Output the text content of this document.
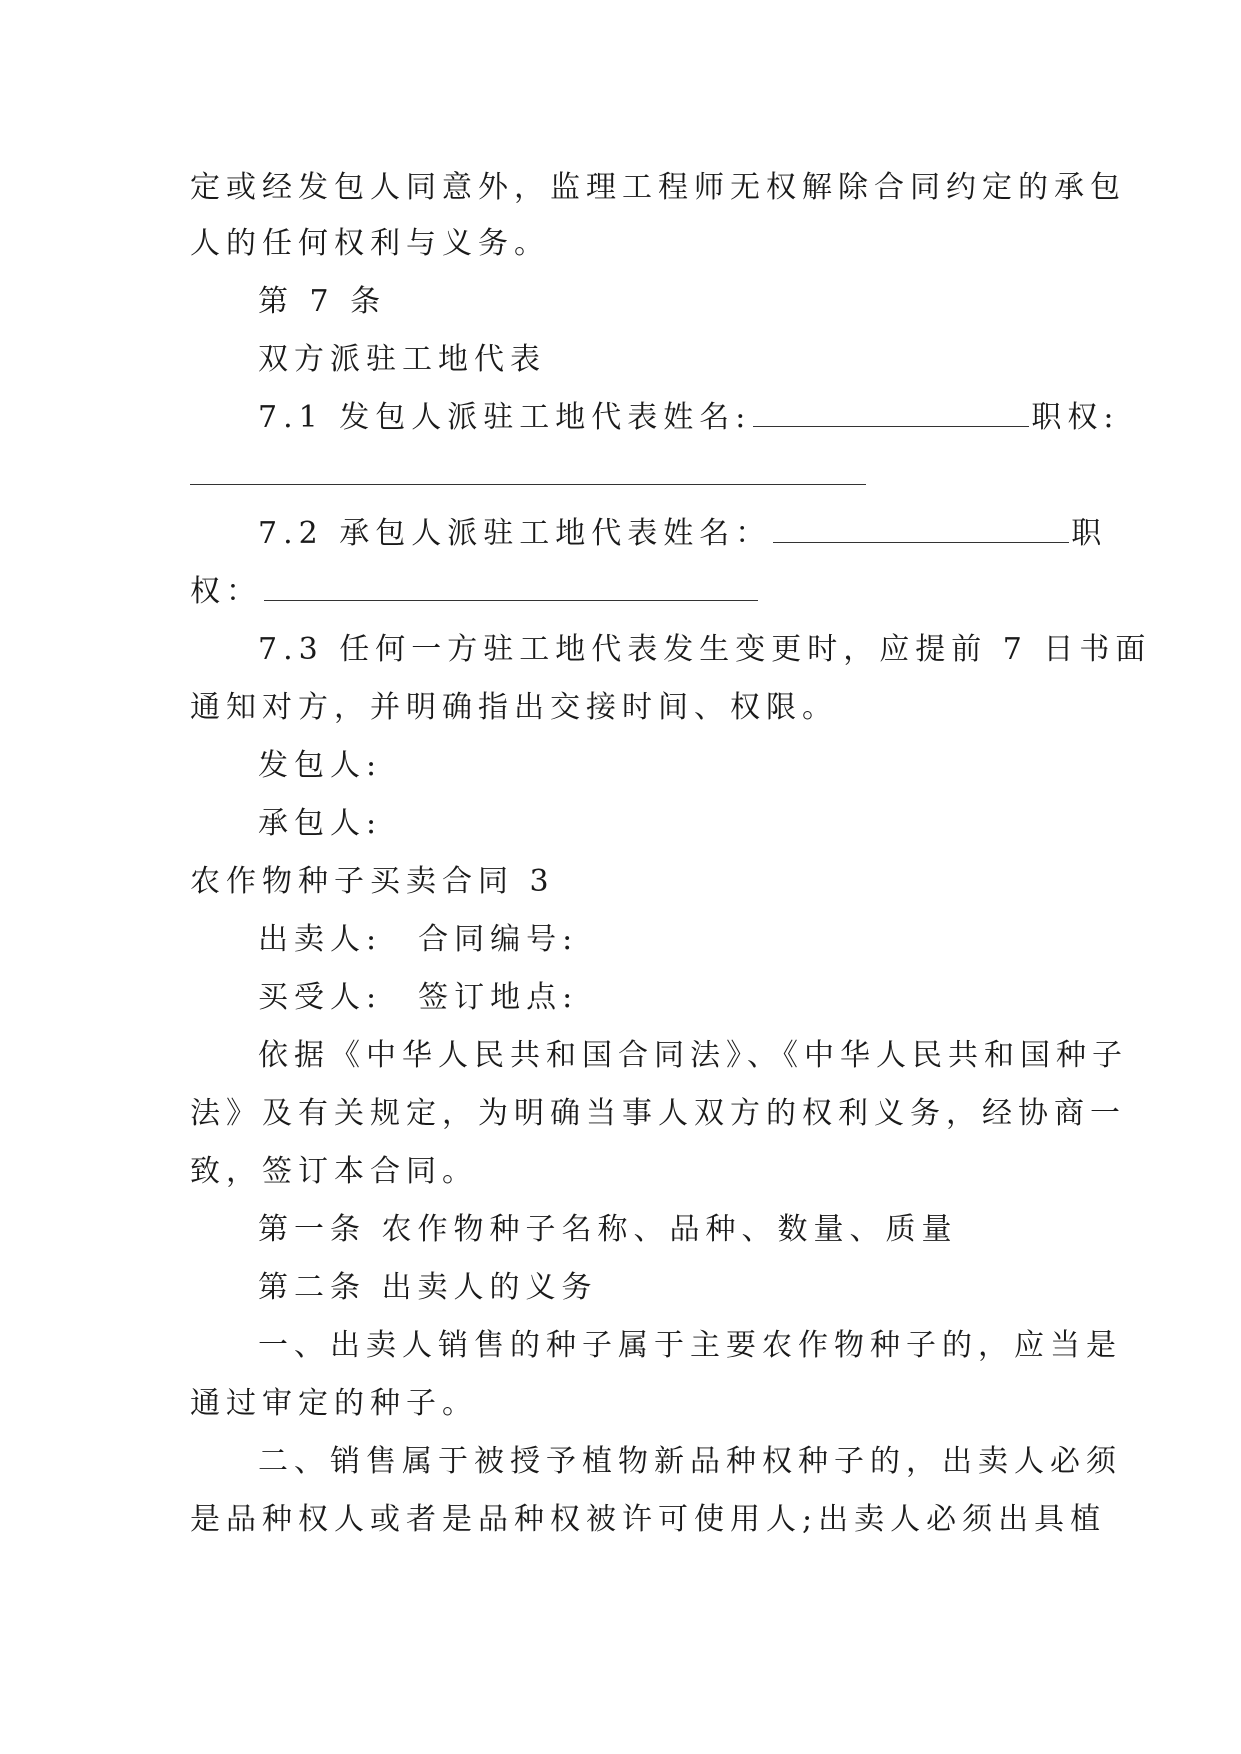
定或经发包人同意外，监理工程师无权解除合同约定的承包
人的任何权利与义务。
第 7 条
双方派驻工地代表
7.1 发包人派驻工地代表姓名:	职权:
7.2 承包人派驻工地代表姓名：	职
权：
7.3 任何一方驻工地代表发生变更时，应提前 7 日书面
通知对方，并明确指出交接时间、权限。
发包人:
承包人:
农作物种子买卖合同 3
出卖人:　合同编号:
买受人:　签订地点:
依据《中华人民共和国合同法》、《中华人民共和国种子
法》及有关规定，为明确当事人双方的权利义务，经协商一
致，签订本合同。
第一条 农作物种子名称、品种、数量、质量
第二条 出卖人的义务
一、出卖人销售的种子属于主要农作物种子的，应当是
通过审定的种子。
二、销售属于被授予植物新品种权种子的，出卖人必须
是品种权人或者是品种权被许可使用人;出卖人必须出具植
